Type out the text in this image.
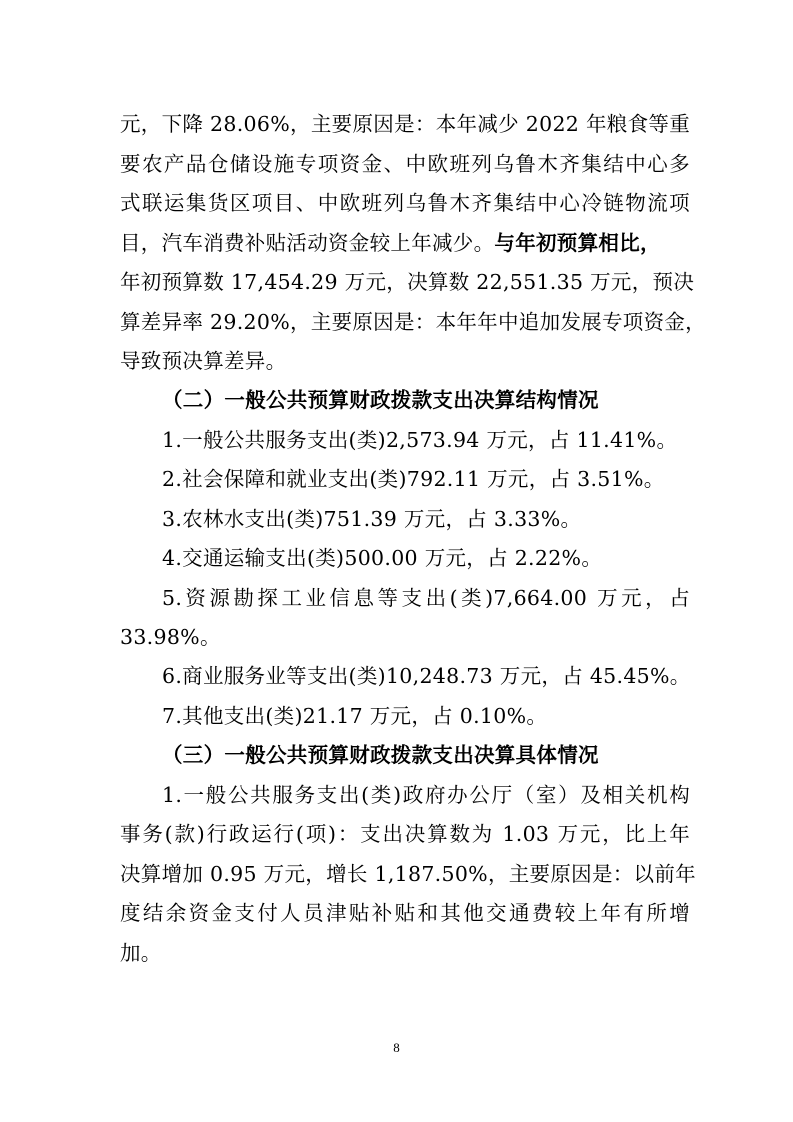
元，下降 28.06%，主要原因是：本年减少 2022 年粮食等重
要农产品仓储设施专项资金、中欧班列乌鲁木齐集结中心多
式联运集货区项目、中欧班列乌鲁木齐集结中心冷链物流项
目，汽车消费补贴活动资金较上年减少。与年初预算相比，
年初预算数 17,454.29 万元，决算数 22,551.35 万元，预决
算差异率 29.20%，主要原因是：本年年中追加发展专项资金，
导致预决算差异。
（二）一般公共预算财政拨款支出决算结构情况
1.一般公共服务支出(类)2,573.94 万元，占 11.41%。
2.社会保障和就业支出(类)792.11 万元，占 3.51%。
3.农林水支出(类)751.39 万元，占 3.33%。
4.交通运输支出(类)500.00 万元，占 2.22%。
5.资源勘探工业信息等支出(类)7,664.00 万元，占
33.98%。
6.商业服务业等支出(类)10,248.73 万元，占 45.45%。
7.其他支出(类)21.17 万元，占 0.10%。
（三）一般公共预算财政拨款支出决算具体情况
1.一般公共服务支出(类)政府办公厅（室）及相关机构
事务(款)行政运行(项)：支出决算数为 1.03 万元，比上年
决算增加 0.95 万元，增长 1,187.50%，主要原因是：以前年
度结余资金支付人员津贴补贴和其他交通费较上年有所增
加。
8
